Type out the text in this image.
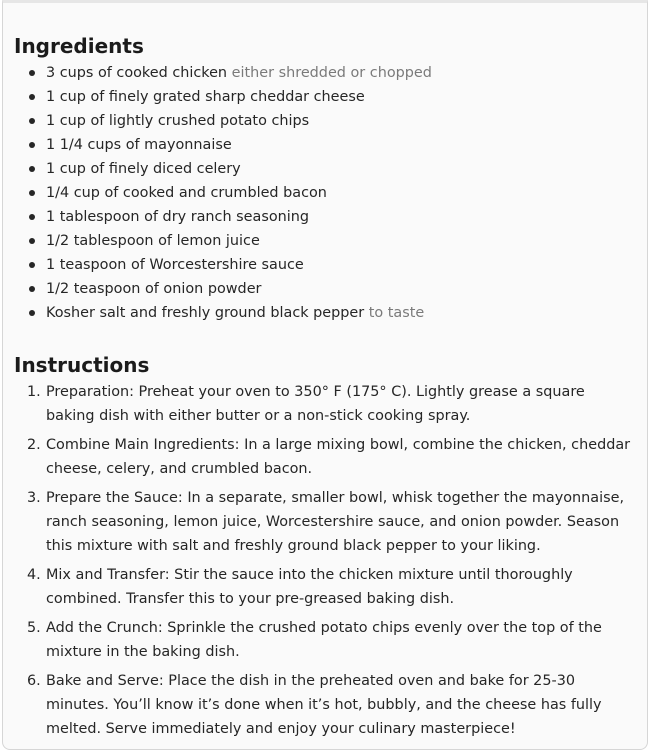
Ingredients
3 cups of cooked chicken either shredded or chopped
1 cup of finely grated sharp cheddar cheese
1 cup of lightly crushed potato chips
1 1/4 cups of mayonnaise
1 cup of finely diced celery
1/4 cup of cooked and crumbled bacon
1 tablespoon of dry ranch seasoning
1/2 tablespoon of lemon juice
1 teaspoon of Worcestershire sauce
1/2 teaspoon of onion powder
Kosher salt and freshly ground black pepper to taste
Instructions
1. Preparation: Preheat your oven to 350° F (175° C). Lightly grease a square baking dish with either butter or a non-stick cooking spray.
2. Combine Main Ingredients: In a large mixing bowl, combine the chicken, cheddar cheese, celery, and crumbled bacon.
3. Prepare the Sauce: In a separate, smaller bowl, whisk together the mayonnaise, ranch seasoning, lemon juice, Worcestershire sauce, and onion powder. Season this mixture with salt and freshly ground black pepper to your liking.
4. Mix and Transfer: Stir the sauce into the chicken mixture until thoroughly combined. Transfer this to your pre-greased baking dish.
5. Add the Crunch: Sprinkle the crushed potato chips evenly over the top of the mixture in the baking dish.
6. Bake and Serve: Place the dish in the preheated oven and bake for 25-30 minutes. You’ll know it’s done when it’s hot, bubbly, and the cheese has fully melted. Serve immediately and enjoy your culinary masterpiece!
